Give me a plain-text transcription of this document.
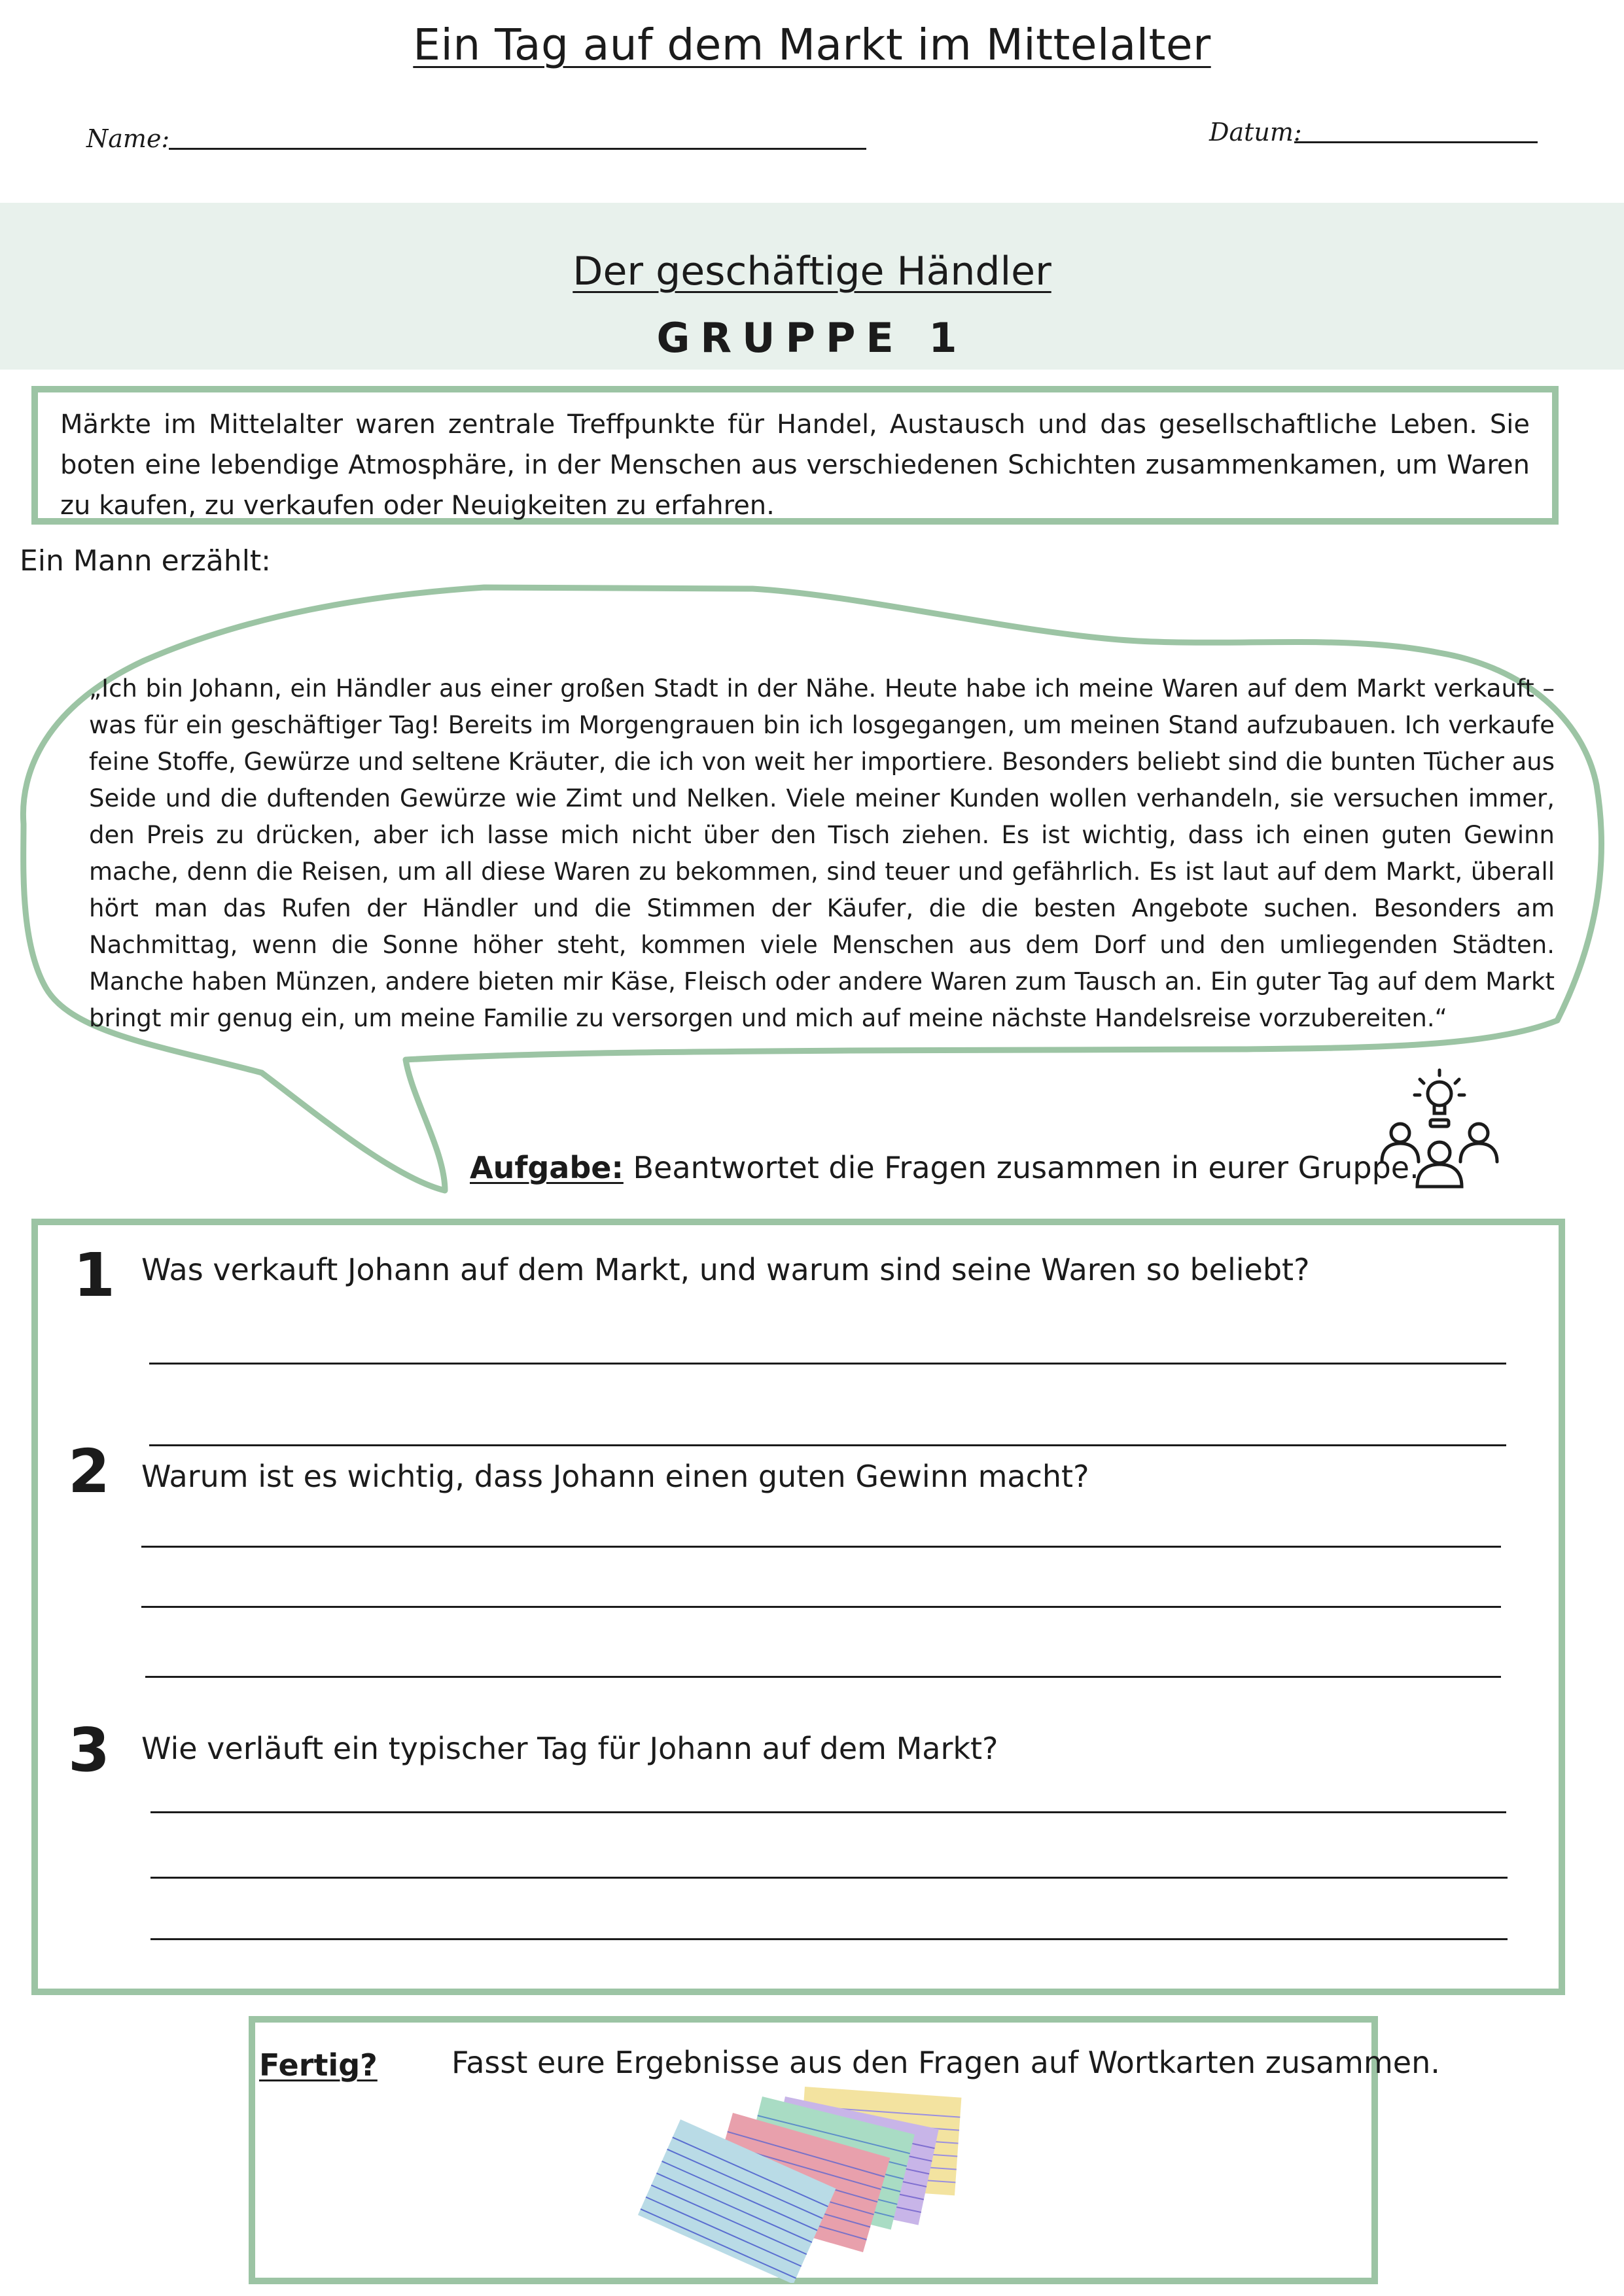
Ein Tag auf dem Markt im Mittelalter
Name:	Datum:
Der geschäftige Händler
GRUPPE 1
Märkte im Mittelalter waren zentrale Treffpunkte für Handel, Austausch und das gesellschaftliche Leben. Sie boten eine lebendige Atmosphäre, in der Menschen aus verschiedenen Schichten zusammenkamen, um Waren zu kaufen, zu verkaufen oder Neuigkeiten zu erfahren.
Ein Mann erzählt:
„Ich bin Johann, ein Händler aus einer großen Stadt in der Nähe. Heute habe ich meine Waren auf dem Markt verkauft – was für ein geschäftiger Tag! Bereits im Morgengrauen bin ich losgegangen, um meinen Stand aufzubauen. Ich verkaufe feine Stoffe, Gewürze und seltene Kräuter, die ich von weit her importiere. Besonders beliebt sind die bunten Tücher aus Seide und die duftenden Gewürze wie Zimt und Nelken. Viele meiner Kunden wollen verhandeln, sie versuchen immer, den Preis zu drücken, aber ich lasse mich nicht über den Tisch ziehen. Es ist wichtig, dass ich einen guten Gewinn mache, denn die Reisen, um all diese Waren zu bekommen, sind teuer und gefährlich. Es ist laut auf dem Markt, überall hört man das Rufen der Händler und die Stimmen der Käufer, die die besten Angebote suchen. Besonders am Nachmittag, wenn die Sonne höher steht, kommen viele Menschen aus dem Dorf und den umliegenden Städten. Manche haben Münzen, andere bieten mir Käse, Fleisch oder andere Waren zum Tausch an. Ein guter Tag auf dem Markt bringt mir genug ein, um meine Familie zu versorgen und mich auf meine nächste Handelsreise vorzubereiten.“
Aufgabe: Beantwortet die Fragen zusammen in eurer Gruppe.
1 Was verkauft Johann auf dem Markt, und warum sind seine Waren so beliebt?
2 Warum ist es wichtig, dass Johann einen guten Gewinn macht?
3 Wie verläuft ein typischer Tag für Johann auf dem Markt?
Fertig? Fasst eure Ergebnisse aus den Fragen auf Wortkarten zusammen.
